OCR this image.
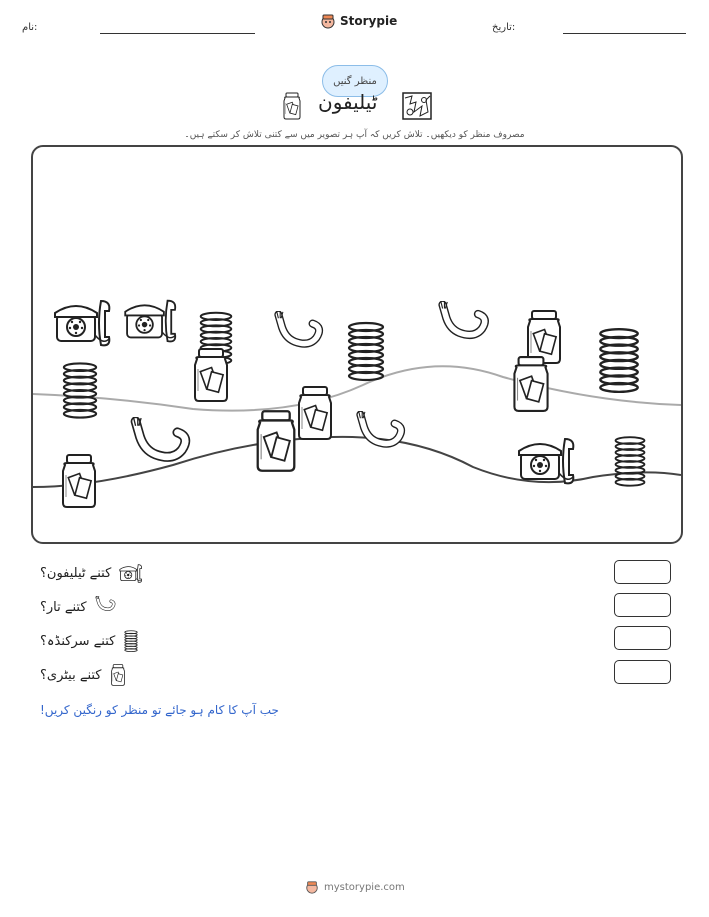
نام:	Storypie	تاریخ:
منظر گنیں
ٹیلیفون
مصروف منظر کو دیکھیں۔ تلاش کریں کہ آپ ہر تصویر میں سے کتنی تلاش کر سکتے ہیں۔
کتنے ٹیلیفون؟
کتنے تار؟
کتنے سرکنڈہ؟
کتنے بیٹری؟
جب آپ کا کام ہو جائے تو منظر کو رنگین کریں!
mystorypie.com
